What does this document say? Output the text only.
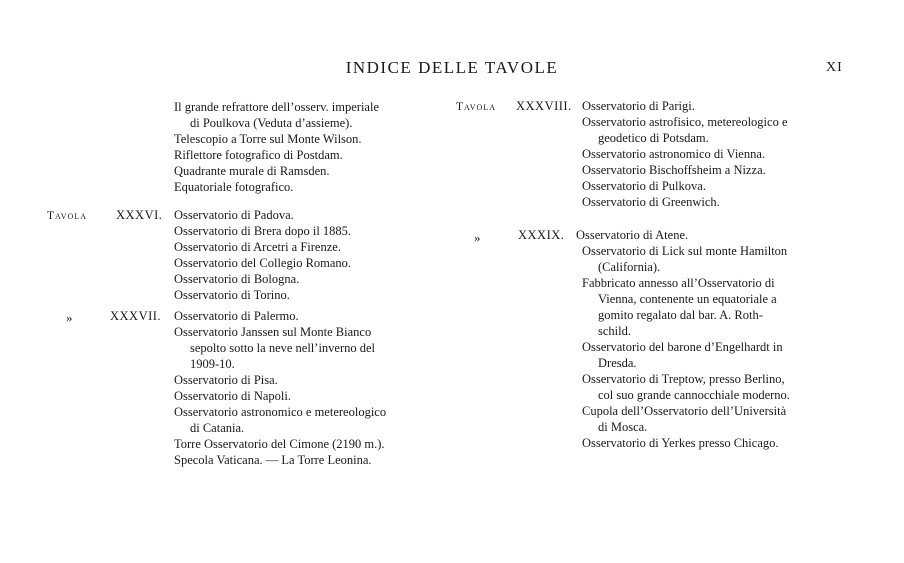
INDICE DELLE TAVOLE	XI
Il grande refrattore dell’osserv. imperiale
di Poulkova (Veduta d’assieme).
Telescopio a Torre sul Monte Wilson.
Riflettore fotografico di Postdam.
Quadrante murale di Ramsden.
Equatoriale fotografico.
Tavola XXXVI. Osservatorio di Padova.
Osservatorio di Brera dopo il 1885.
Osservatorio di Arcetri a Firenze.
Osservatorio del Collegio Romano.
Osservatorio di Bologna.
Osservatorio di Torino.
»	XXXVII. Osservatorio di Palermo.
Osservatorio Janssen sul Monte Bianco
sepolto sotto la neve nell’inverno del
1909-10.
Osservatorio di Pisa.
Osservatorio di Napoli.
Osservatorio astronomico e metereologico
di Catania.
Torre Osservatorio del Cimone (2190 m.).
Specola Vaticana. — La Torre Leonina.
Tavola XXXVIII. Osservatorio di Parigi.
Osservatorio astrofisico, metereologico e
geodetico di Potsdam.
Osservatorio astronomico di Vienna.
Osservatorio Bischoffsheim a Nizza.
Osservatorio di Pulkova.
Osservatorio di Greenwich.
»	XXXIX. Osservatorio di Atene.
Osservatorio di Lick sul monte Hamilton
(California).
Fabbricato annesso all’Osservatorio di
Vienna, contenente un equatoriale a
gomito regalato dal bar. A. Roth-
schild.
Osservatorio del barone d’Engelhardt in
Dresda.
Osservatorio di Treptow, presso Berlino,
col suo grande cannocchiale moderno.
Cupola dell’Osservatorio dell’Università
di Mosca.
Osservatorio di Yerkes presso Chicago.
